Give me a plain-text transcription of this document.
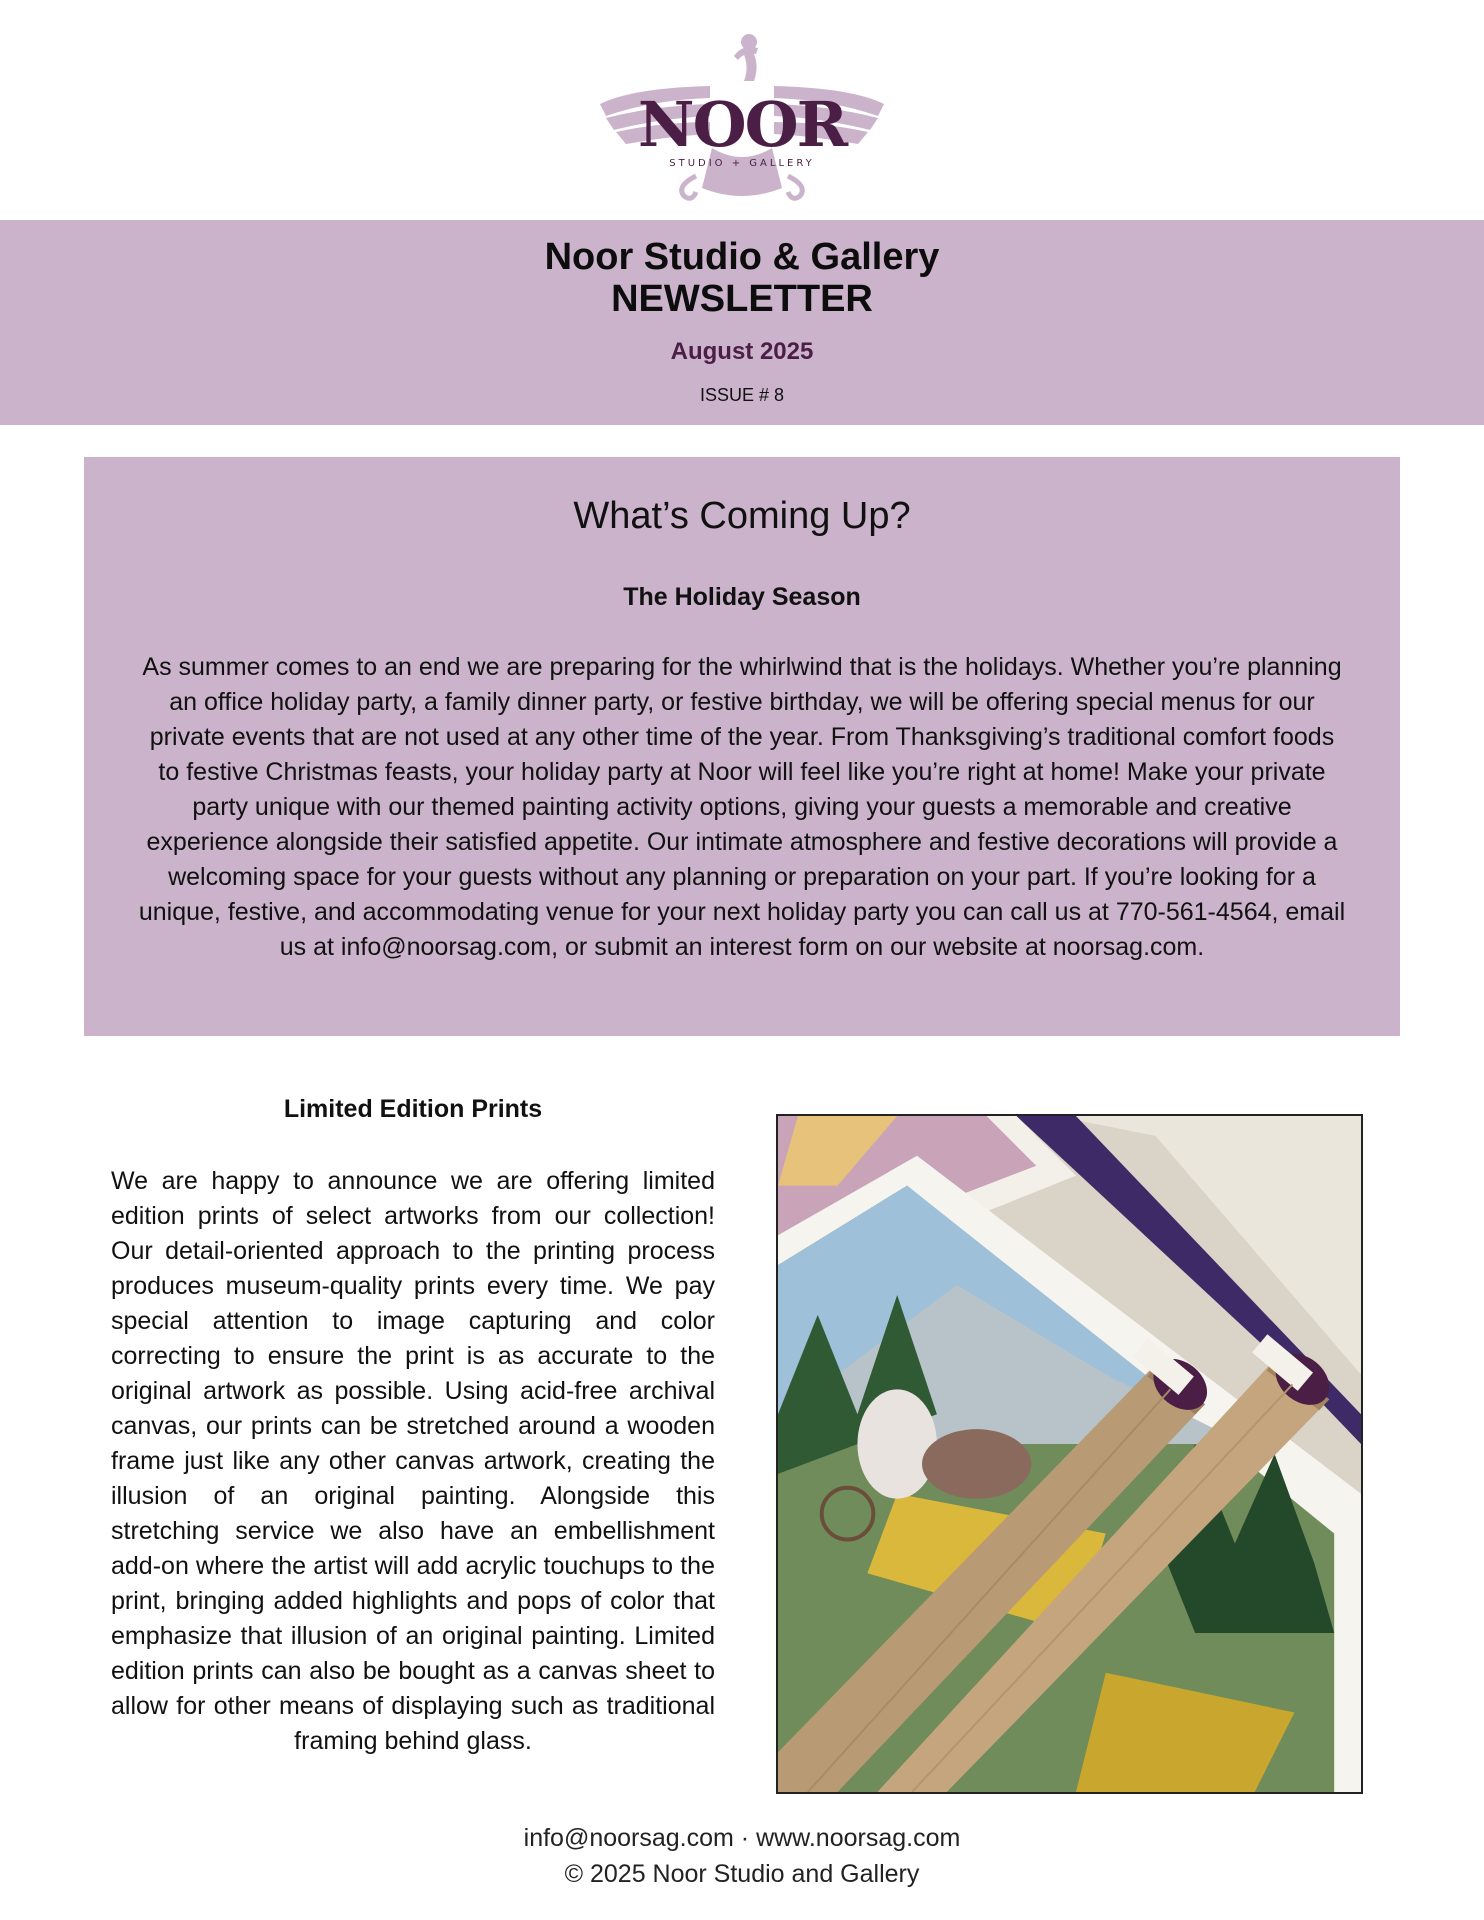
NOOR
STUDIO + GALLERY
Noor Studio & Gallery
NEWSLETTER
August 2025
ISSUE # 8
What’s Coming Up?
The Holiday Season

As summer comes to an end we are preparing for the whirlwind that is the holidays. Whether you’re planning an office holiday party, a family dinner party, or festive birthday, we will be offering special menus for our private events that are not used at any other time of the year. From Thanksgiving’s traditional comfort foods to festive Christmas feasts, your holiday party at Noor will feel like you’re right at home! Make your private party unique with our themed painting activity options, giving your guests a memorable and creative experience alongside their satisfied appetite. Our intimate atmosphere and festive decorations will provide a welcoming space for your guests without any planning or preparation on your part. If you’re looking for a unique, festive, and accommodating venue for your next holiday party you can call us at 770-561-4564, email us at info@noorsag.com, or submit an interest form on our website at noorsag.com.

Limited Edition Prints

We are happy to announce we are offering limited edition prints of select artworks from our collection! Our detail-oriented approach to the printing process produces museum-quality prints every time. We pay special attention to image capturing and color correcting to ensure the print is as accurate to the original artwork as possible. Using acid-free archival canvas, our prints can be stretched around a wooden frame just like any other canvas artwork, creating the illusion of an original painting. Alongside this stretching service we also have an embellishment add-on where the artist will add acrylic touchups to the print, bringing added highlights and pops of color that emphasize that illusion of an original painting. Limited edition prints can also be bought as a canvas sheet to allow for other means of displaying such as traditional framing behind glass.

info@noorsag.com · www.noorsag.com
© 2025 Noor Studio and Gallery
